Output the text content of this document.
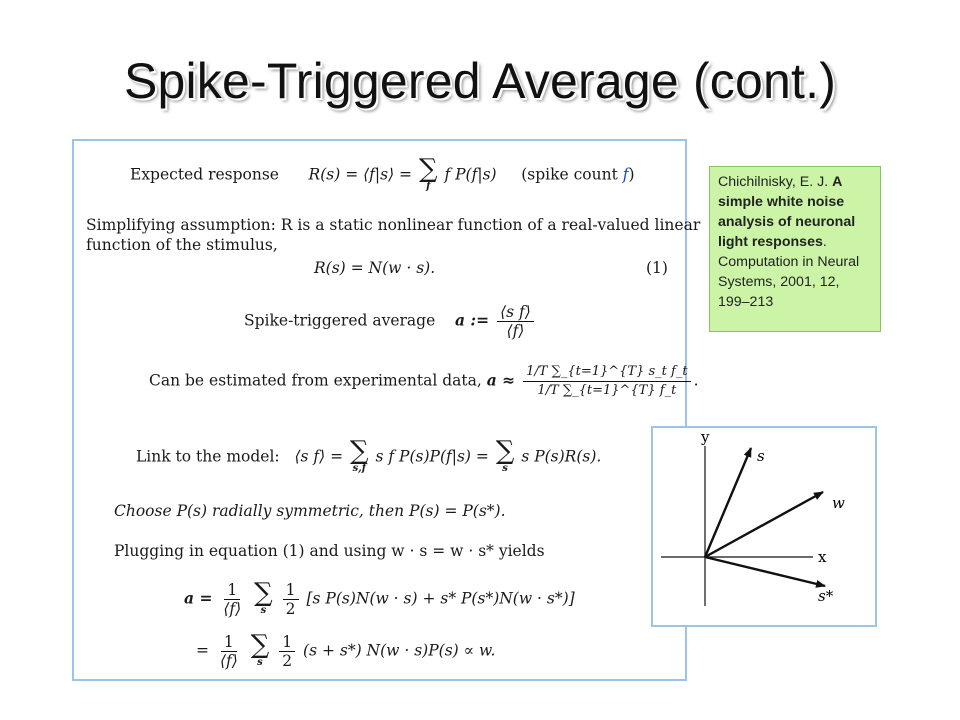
Spike-Triggered Average (cont.)
Expected response R(s) = ⟨f|s⟩ = ∑
f
f P(f|s) (spike count f)
Simplifying assumption: R is a static nonlinear function of a real-valued linear
function of the stimulus,
R(s) = N(w · s).	(1)
Spike-triggered average a := $\frac{\text{⟨s f⟩}}{⟨f⟩}$
Can be estimated from experimental data, $a \approx \frac{\text{1/T ∑\_\{t=1\}\textasciicircum{}\{T\} s\_t f\_t}}{1/T \sum\_\{t=1\}\^{}\{T\} f\_t}$ .
Link to the model: ⟨s f⟩ = ∑
s,f
s f P(s)P(f|s) = ∑
s
s P(s)R(s).
Choose P(s) radially symmetric, then P(s) = P(s*).
Plugging in equation (1) and using w · s = w · s* yields
$a = \frac{1}{⟨f⟩}$
∑
s
$\frac{1}{2} [s$ P(s)N(w · s) + s* P(s*)N(w · s*)]
= $\frac{1}{⟨f⟩}$
∑
s
$\frac{1}{2} (s + s*) N(w \cdot s)P(s) \propto w$.
Chichilnisky, E. J. A simple white noise analysis of neuronal light responses. Computation in Neural Systems, 2001, 12, 199–213
y
x
s
w
s*
